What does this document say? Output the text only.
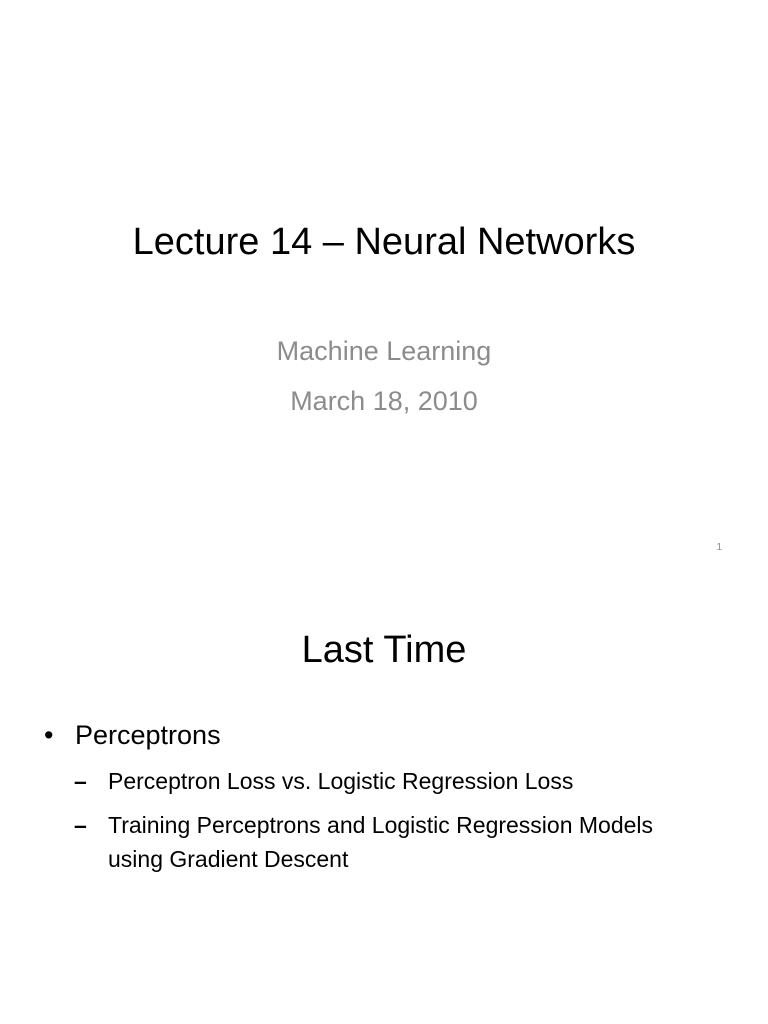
Lecture 14 – Neural Networks
Machine Learning
March 18, 2010
1
Last Time
• Perceptrons
– Perceptron Loss vs. Logistic Regression Loss
– Training Perceptrons and Logistic Regression Models using Gradient Descent
